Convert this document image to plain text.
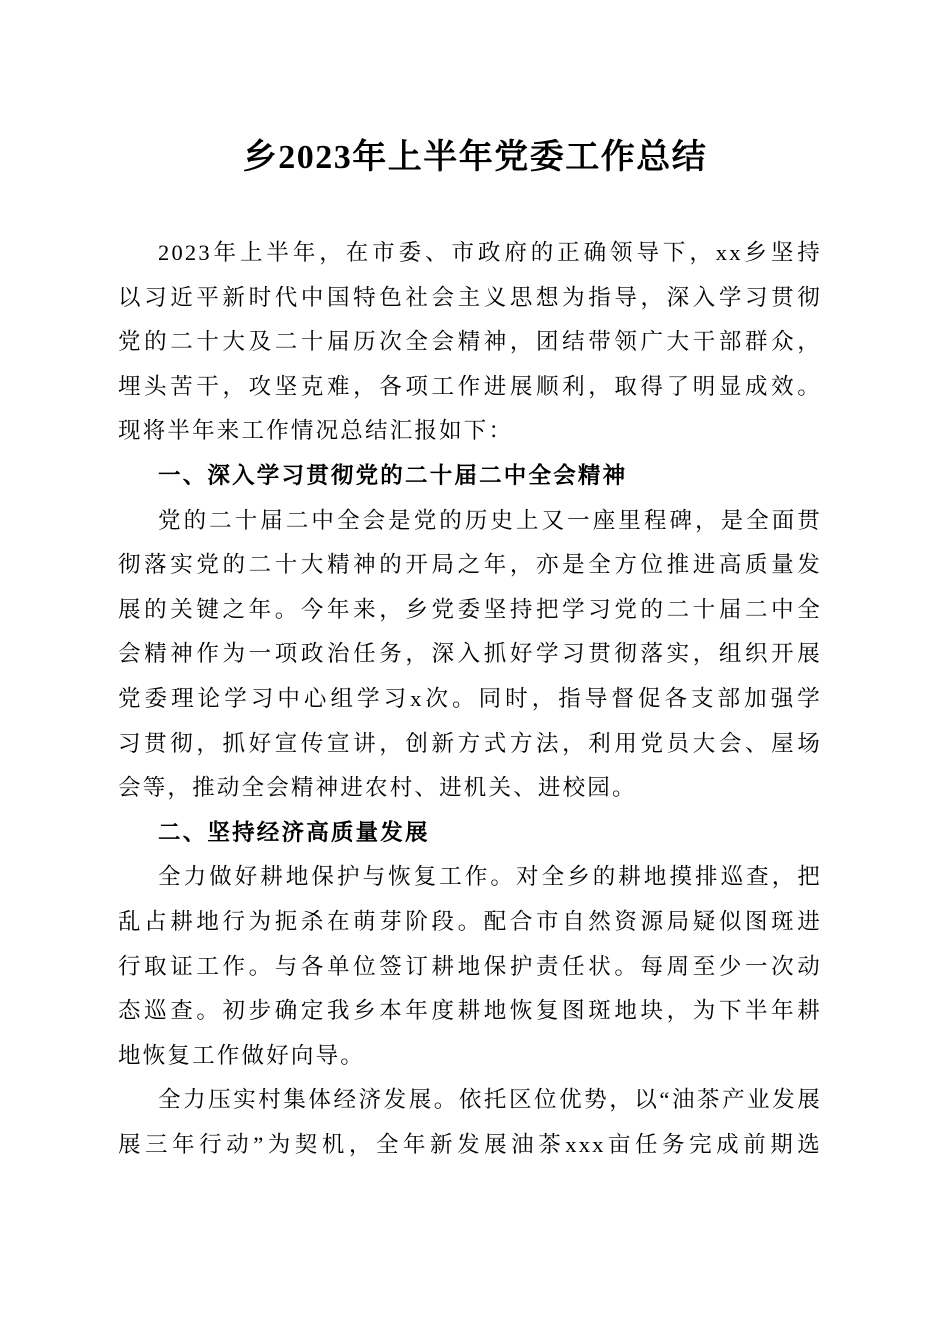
乡2023年上半年党委工作总结
2023年上半年，在市委、市政府的正确领导下，xx乡坚持
以习近平新时代中国特色社会主义思想为指导，深入学习贯彻
党的二十大及二十届历次全会精神，团结带领广大干部群众，
埋头苦干，攻坚克难，各项工作进展顺利，取得了明显成效。
现将半年来工作情况总结汇报如下：
一、深入学习贯彻党的二十届二中全会精神
党的二十届二中全会是党的历史上又一座里程碑，是全面贯
彻落实党的二十大精神的开局之年，亦是全方位推进高质量发
展的关键之年。今年来，乡党委坚持把学习党的二十届二中全
会精神作为一项政治任务，深入抓好学习贯彻落实，组织开展
党委理论学习中心组学习x次。同时，指导督促各支部加强学
习贯彻，抓好宣传宣讲，创新方式方法，利用党员大会、屋场
会等，推动全会精神进农村、进机关、进校园。
二、坚持经济高质量发展
全力做好耕地保护与恢复工作。对全乡的耕地摸排巡查，把
乱占耕地行为扼杀在萌芽阶段。配合市自然资源局疑似图斑进
行取证工作。与各单位签订耕地保护责任状。每周至少一次动
态巡查。初步确定我乡本年度耕地恢复图斑地块，为下半年耕
地恢复工作做好向导。
全力压实村集体经济发展。依托区位优势，以“油茶产业发展
展三年行动”为契机，全年新发展油茶xxx亩任务完成前期选
